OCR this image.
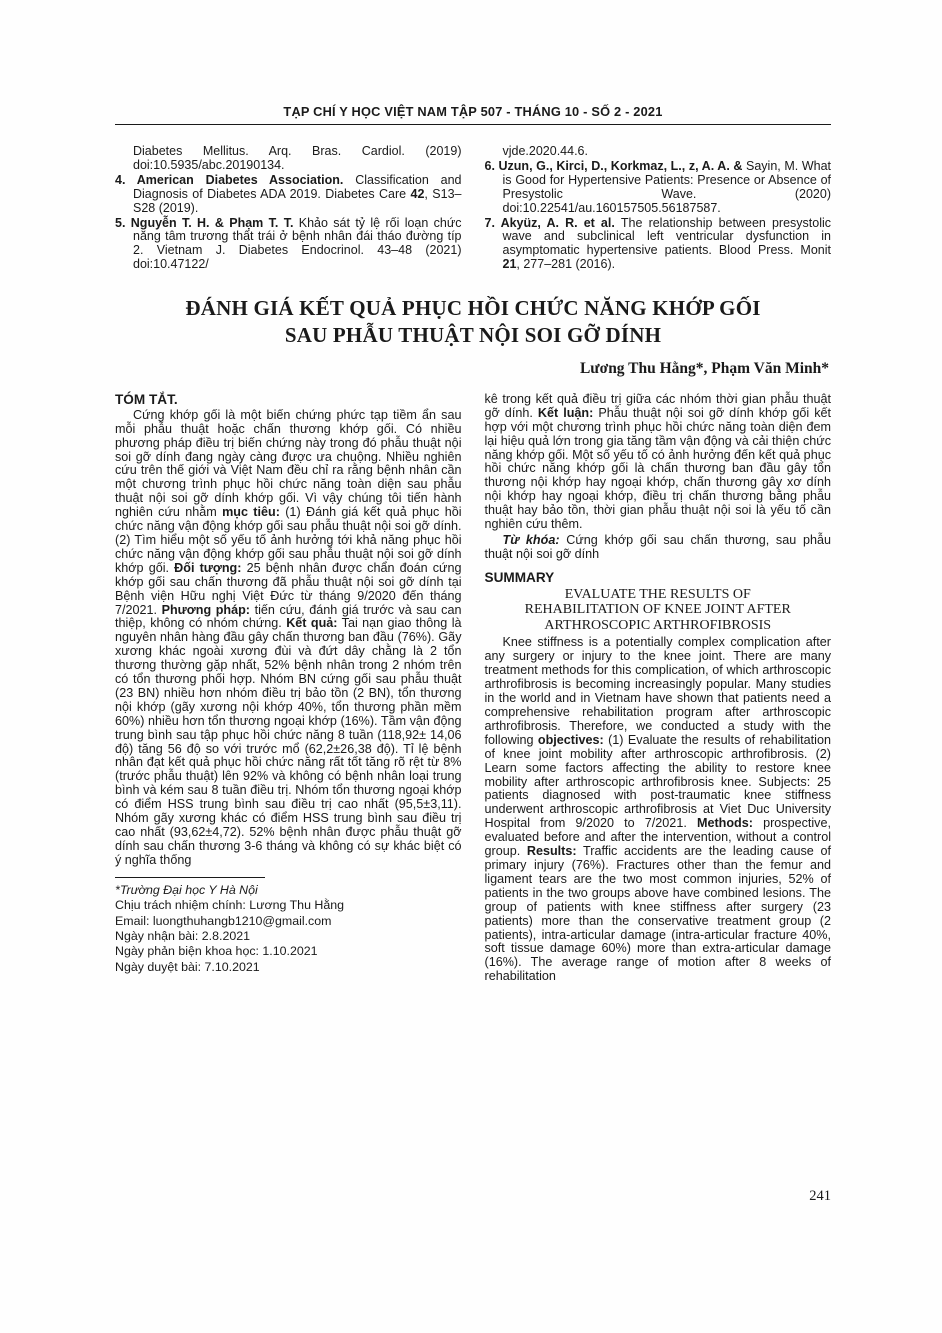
TẠP CHÍ Y HỌC VIỆT NAM TẬP 507 - THÁNG 10 - SỐ 2 - 2021

Diabetes Mellitus. Arq. Bras. Cardiol. (2019) doi:10.5935/abc.20190134.

4. American Diabetes Association. Classification and Diagnosis of Diabetes ADA 2019. Diabetes Care 42, S13–S28 (2019).

5. Nguyễn T. H. & Phạm T. T. Khảo sát tỷ lệ rối loạn chức năng tâm trương thất trái ở bệnh nhân đái tháo đường típ 2. Vietnam J. Diabetes Endocrinol. 43–48 (2021) doi:10.47122/

vjde.2020.44.6.

6. Uzun, G., Kirci, D., Korkmaz, L., z, A. A. & Sayin, M. What is Good for Hypertensive Patients: Presence or Absence of Presystolic Wave. (2020) doi:10.22541/au.160157505.56187587.

7. Akyüz, A. R. et al. The relationship between presystolic wave and subclinical left ventricular dysfunction in asymptomatic hypertensive patients. Blood Press. Monit 21, 277–281 (2016).

ĐÁNH GIÁ KẾT QUẢ PHỤC HỒI CHỨC NĂNG KHỚP GỐI
SAU PHẪU THUẬT NỘI SOI GỠ DÍNH
Lương Thu Hằng*, Phạm Văn Minh*
TÓM TẮT.

Cứng khớp gối là một biến chứng phức tạp tiềm ẩn sau mỗi phẫu thuật hoặc chấn thương khớp gối. Có nhiều phương pháp điều trị biến chứng này trong đó phẫu thuật nội soi gỡ dính đang ngày càng được ưa chuộng. Nhiều nghiên cứu trên thế giới và Việt Nam đều chỉ ra rằng bệnh nhân cần một chương trình phục hồi chức năng toàn diện sau phẫu thuật nội soi gỡ dính khớp gối. Vì vậy chúng tôi tiến hành nghiên cứu nhằm mục tiêu: (1) Đánh giá kết quả phục hồi chức năng vận động khớp gối sau phẫu thuật nội soi gỡ dính. (2) Tìm hiểu một số yếu tố ảnh hưởng tới khả năng phục hồi chức năng vận động khớp gối sau phẫu thuật nội soi gỡ dính khớp gối. Đối tượng: 25 bệnh nhân được chẩn đoán cứng khớp gối sau chấn thương đã phẫu thuật nội soi gỡ dính tại Bệnh viện Hữu nghị Việt Đức từ tháng 9/2020 đến tháng 7/2021. Phương pháp: tiến cứu, đánh giá trước và sau can thiệp, không có nhóm chứng. Kết quả: Tai nạn giao thông là nguyên nhân hàng đầu gây chấn thương ban đầu (76%). Gãy xương khác ngoài xương đùi và đứt dây chằng là 2 tổn thương thường gặp nhất, 52% bệnh nhân trong 2 nhóm trên có tổn thương phối hợp. Nhóm BN cứng gối sau phẫu thuật (23 BN) nhiều hơn nhóm điều trị bảo tồn (2 BN), tổn thương nội khớp (gãy xương nội khớp 40%, tổn thương phần mềm 60%) nhiều hơn tổn thương ngoại khớp (16%). Tầm vận động trung bình sau tập phục hồi chức năng 8 tuần (118,92± 14,06 độ) tăng 56 độ so với trước mổ (62,2±26,38 độ). Tỉ lệ bệnh nhân đạt kết quả phục hồi chức năng rất tốt tăng rõ rệt từ 8% (trước phẫu thuật) lên 92% và không có bệnh nhân loại trung bình và kém sau 8 tuần điều trị. Nhóm tổn thương ngoại khớp có điểm HSS trung bình sau điều trị cao nhất (95,5±3,11). Nhóm gãy xương khác có điểm HSS trung bình sau điều trị cao nhất (93,62±4,72). 52% bệnh nhân được phẫu thuật gỡ dính sau chấn thương 3-6 tháng và không có sự khác biệt có ý nghĩa thống

*Trường Đại học Y Hà Nội
Chịu trách nhiệm chính: Lương Thu Hằng
Email: luongthuhangb1210@gmail.com
Ngày nhận bài: 2.8.2021
Ngày phản biện khoa học: 1.10.2021
Ngày duyệt bài: 7.10.2021

kê trong kết quả điều trị giữa các nhóm thời gian phẫu thuật gỡ dính. Kết luận: Phẫu thuật nội soi gỡ dính khớp gối kết hợp với một chương trình phục hồi chức năng toàn diện đem lại hiệu quả lớn trong gia tăng tầm vận động và cải thiện chức năng khớp gối. Một số yếu tố có ảnh hưởng đến kết quả phục hồi chức năng khớp gối là chấn thương ban đầu gây tổn thương nội khớp hay ngoại khớp, chấn thương gây xơ dính nội khớp hay ngoại khớp, điều trị chấn thương bằng phẫu thuật hay bảo tồn, thời gian phẫu thuật nội soi là yếu tố cần nghiên cứu thêm.

Từ khóa: Cứng khớp gối sau chấn thương, sau phẫu thuật nội soi gỡ dính

SUMMARY
EVALUATE THE RESULTS OF
REHABILITATION OF KNEE JOINT AFTER
ARTHROSCOPIC ARTHROFIBROSIS

Knee stiffness is a potentially complex complication after any surgery or injury to the knee joint. There are many treatment methods for this complication, of which arthroscopic arthrofibrosis is becoming increasingly popular. Many studies in the world and in Vietnam have shown that patients need a comprehensive rehabilitation program after arthroscopic arthrofibrosis. Therefore, we conducted a study with the following objectives: (1) Evaluate the results of rehabilitation of knee joint mobility after arthroscopic arthrofibrosis. (2) Learn some factors affecting the ability to restore knee mobility after arthroscopic arthrofibrosis knee. Subjects: 25 patients diagnosed with post-traumatic knee stiffness underwent arthroscopic arthrofibrosis at Viet Duc University Hospital from 9/2020 to 7/2021. Methods: prospective, evaluated before and after the intervention, without a control group. Results: Traffic accidents are the leading cause of primary injury (76%). Fractures other than the femur and ligament tears are the two most common injuries, 52% of patients in the two groups above have combined lesions. The group of patients with knee stiffness after surgery (23 patients) more than the conservative treatment group (2 patients), intra-articular damage (intra-articular fracture 40%, soft tissue damage 60%) more than extra-articular damage (16%). The average range of motion after 8 weeks of rehabilitation

241
